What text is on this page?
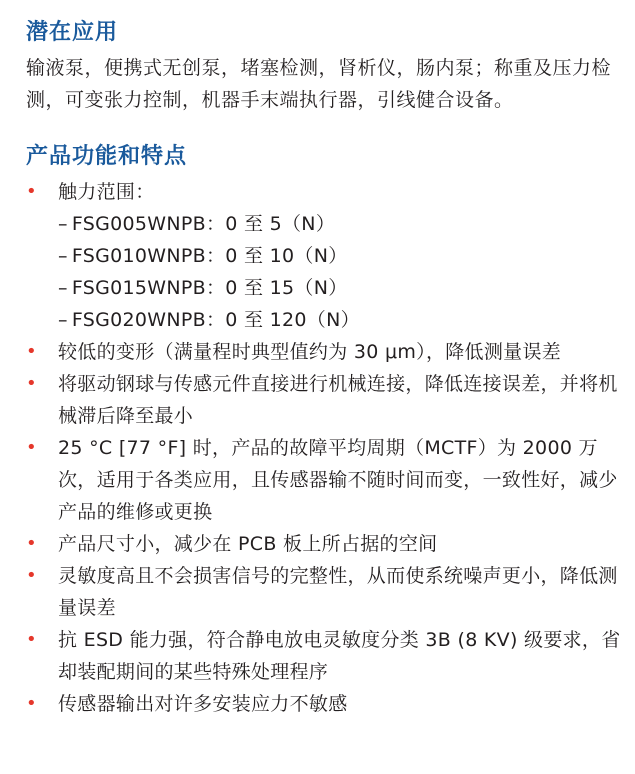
潜在应用

输液泵，便携式无创泵，堵塞检测，肾析仪，肠内泵；称重及压力检测，可变张力控制，机器手末端执行器，引线健合设备。

产品功能和特点
• 触力范围：
– FSG005WNPB：0 至 5（N）
– FSG010WNPB：0 至 10（N）
– FSG015WNPB：0 至 15（N）
– FSG020WNPB：0 至 120（N）
• 较低的变形（满量程时典型值约为 30 μm），降低测量误差
• 将驱动钢球与传感元件直接进行机械连接，降低连接误差，并将机械滞后降至最小
• 25 °C [77 °F] 时，产品的故障平均周期（MCTF）为 2000 万次，适用于各类应用，且传感器输不随时间而变，一致性好，减少产品的维修或更换
• 产品尺寸小，减少在 PCB 板上所占据的空间
• 灵敏度高且不会损害信号的完整性，从而使系统噪声更小，降低测量误差
• 抗 ESD 能力强，符合静电放电灵敏度分类 3B (8 KV) 级要求，省却装配期间的某些特殊处理程序
• 传感器输出对许多安装应力不敏感
